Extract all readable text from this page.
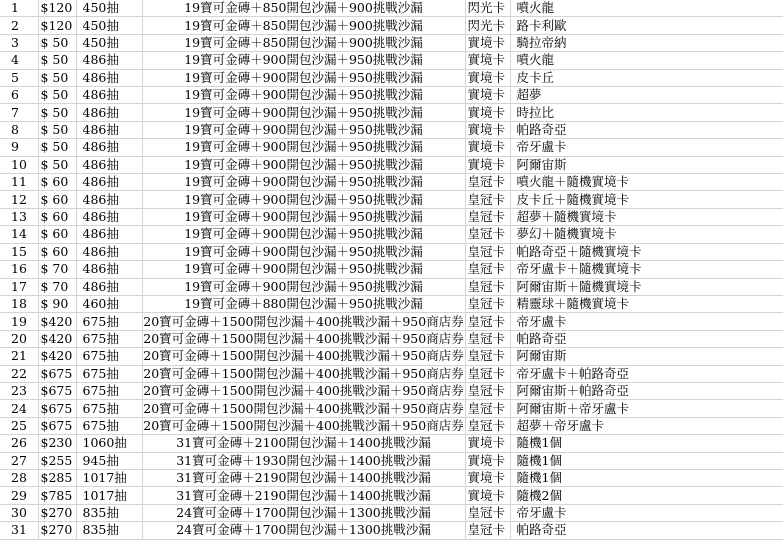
1	$120	450抽	19寶可金磚＋850開包沙漏＋900挑戰沙漏	閃光卡	噴火龍
2	$120	450抽	19寶可金磚＋850開包沙漏＋900挑戰沙漏	閃光卡	路卡利歐
3	$ 50	450抽	19寶可金磚＋850開包沙漏＋900挑戰沙漏	實境卡	騎拉帝納
4	$ 50	486抽	19寶可金磚＋900開包沙漏＋950挑戰沙漏	實境卡	噴火龍
5	$ 50	486抽	19寶可金磚＋900開包沙漏＋950挑戰沙漏	實境卡	皮卡丘
6	$ 50	486抽	19寶可金磚＋900開包沙漏＋950挑戰沙漏	實境卡	超夢
7	$ 50	486抽	19寶可金磚＋900開包沙漏＋950挑戰沙漏	實境卡	時拉比
8	$ 50	486抽	19寶可金磚＋900開包沙漏＋950挑戰沙漏	實境卡	帕路奇亞
9	$ 50	486抽	19寶可金磚＋900開包沙漏＋950挑戰沙漏	實境卡	帝牙盧卡
10	$ 50	486抽	19寶可金磚＋900開包沙漏＋950挑戰沙漏	實境卡	阿爾宙斯
11	$ 60	486抽	19寶可金磚＋900開包沙漏＋950挑戰沙漏	皇冠卡	噴火龍＋隨機實境卡
12	$ 60	486抽	19寶可金磚＋900開包沙漏＋950挑戰沙漏	皇冠卡	皮卡丘＋隨機實境卡
13	$ 60	486抽	19寶可金磚＋900開包沙漏＋950挑戰沙漏	皇冠卡	超夢＋隨機實境卡
14	$ 60	486抽	19寶可金磚＋900開包沙漏＋950挑戰沙漏	皇冠卡	夢幻＋隨機實境卡
15	$ 60	486抽	19寶可金磚＋900開包沙漏＋950挑戰沙漏	皇冠卡	帕路奇亞＋隨機實境卡
16	$ 70	486抽	19寶可金磚＋900開包沙漏＋950挑戰沙漏	皇冠卡	帝牙盧卡＋隨機實境卡
17	$ 70	486抽	19寶可金磚＋900開包沙漏＋950挑戰沙漏	皇冠卡	阿爾宙斯＋隨機實境卡
18	$ 90	460抽	19寶可金磚＋880開包沙漏＋950挑戰沙漏	皇冠卡	精靈球＋隨機實境卡
19	$420	675抽	20寶可金磚＋1500開包沙漏＋400挑戰沙漏＋950商店券	皇冠卡	帝牙盧卡
20	$420	675抽	20寶可金磚＋1500開包沙漏＋400挑戰沙漏＋950商店券	皇冠卡	帕路奇亞
21	$420	675抽	20寶可金磚＋1500開包沙漏＋400挑戰沙漏＋950商店券	皇冠卡	阿爾宙斯
22	$675	675抽	20寶可金磚＋1500開包沙漏＋400挑戰沙漏＋950商店券	皇冠卡	帝牙盧卡＋帕路奇亞
23	$675	675抽	20寶可金磚＋1500開包沙漏＋400挑戰沙漏＋950商店券	皇冠卡	阿爾宙斯＋帕路奇亞
24	$675	675抽	20寶可金磚＋1500開包沙漏＋400挑戰沙漏＋950商店券	皇冠卡	阿爾宙斯＋帝牙盧卡
25	$675	675抽	20寶可金磚＋1500開包沙漏＋400挑戰沙漏＋950商店券	皇冠卡	超夢＋帝牙盧卡
26	$230	1060抽	31寶可金磚＋2100開包沙漏＋1400挑戰沙漏	實境卡	隨機1個
27	$255	945抽	31寶可金磚＋1930開包沙漏＋1400挑戰沙漏	實境卡	隨機1個
28	$285	1017抽	31寶可金磚＋2190開包沙漏＋1400挑戰沙漏	實境卡	隨機1個
29	$785	1017抽	31寶可金磚＋2190開包沙漏＋1400挑戰沙漏	實境卡	隨機2個
30	$270	835抽	24寶可金磚＋1700開包沙漏＋1300挑戰沙漏	皇冠卡	帝牙盧卡
31	$270	835抽	24寶可金磚＋1700開包沙漏＋1300挑戰沙漏	皇冠卡	帕路奇亞
